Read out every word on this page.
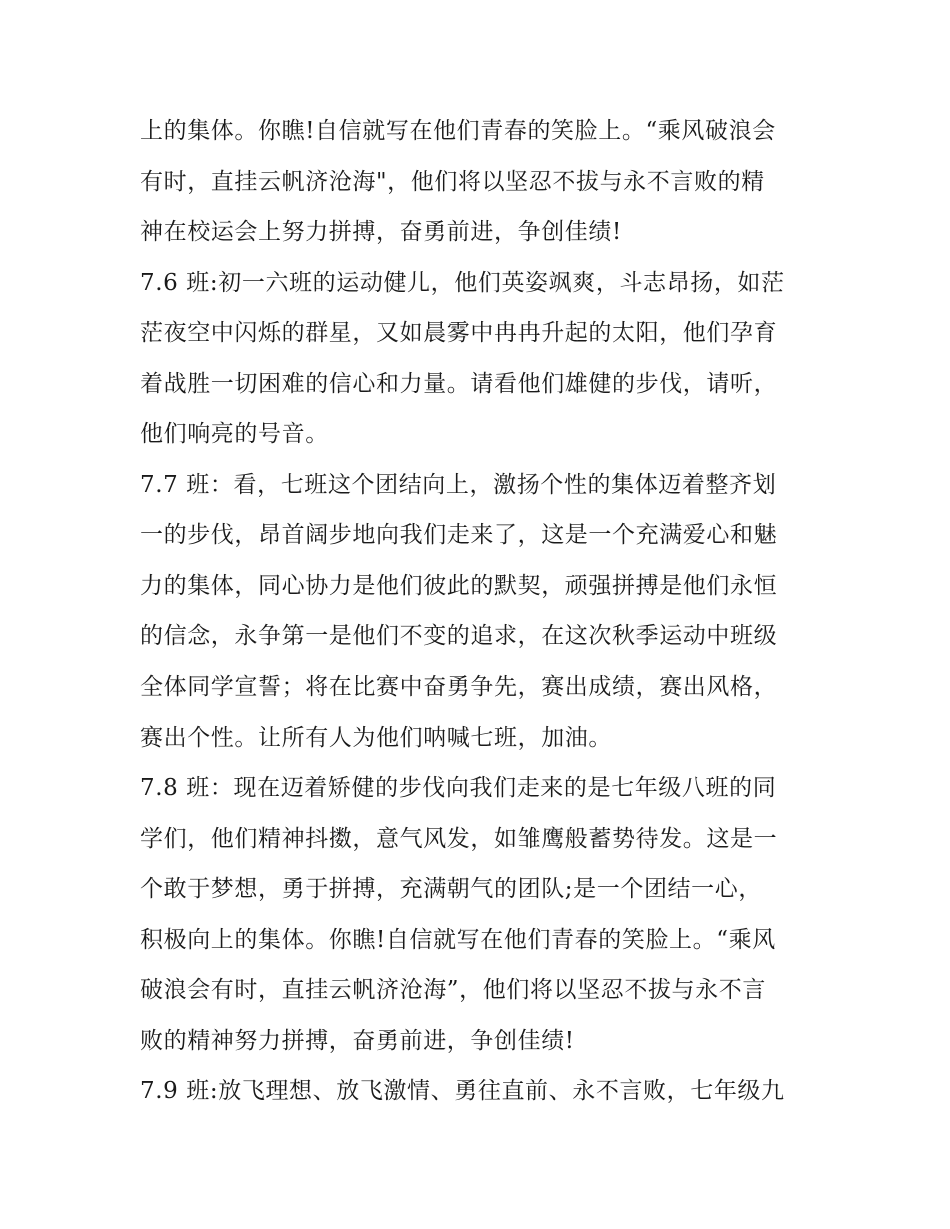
上的集体。你瞧!自信就写在他们青春的笑脸上。“乘风破浪会
有时，直挂云帆济沧海"，他们将以坚忍不拔与永不言败的精
神在校运会上努力拼搏，奋勇前进，争创佳绩!
7.6 班:初一六班的运动健儿，他们英姿飒爽，斗志昂扬，如茫
茫夜空中闪烁的群星，又如晨雾中冉冉升起的太阳，他们孕育
着战胜一切困难的信心和力量。请看他们雄健的步伐，请听，
他们响亮的号音。
7.7 班：看，七班这个团结向上，激扬个性的集体迈着整齐划
一的步伐，昂首阔步地向我们走来了，这是一个充满爱心和魅
力的集体，同心协力是他们彼此的默契，顽强拼搏是他们永恒
的信念，永争第一是他们不变的追求，在这次秋季运动中班级
全体同学宣誓；将在比赛中奋勇争先，赛出成绩，赛出风格，
赛出个性。让所有人为他们呐喊七班，加油。
7.8 班：现在迈着矫健的步伐向我们走来的是七年级八班的同
学们，他们精神抖擞，意气风发，如雏鹰般蓄势待发。这是一
个敢于梦想，勇于拼搏，充满朝气的团队;是一个团结一心，
积极向上的集体。你瞧!自信就写在他们青春的笑脸上。“乘风
破浪会有时，直挂云帆济沧海”，他们将以坚忍不拔与永不言
败的精神努力拼搏，奋勇前进，争创佳绩!
7.9 班:放飞理想、放飞激情、勇往直前、永不言败，七年级九
